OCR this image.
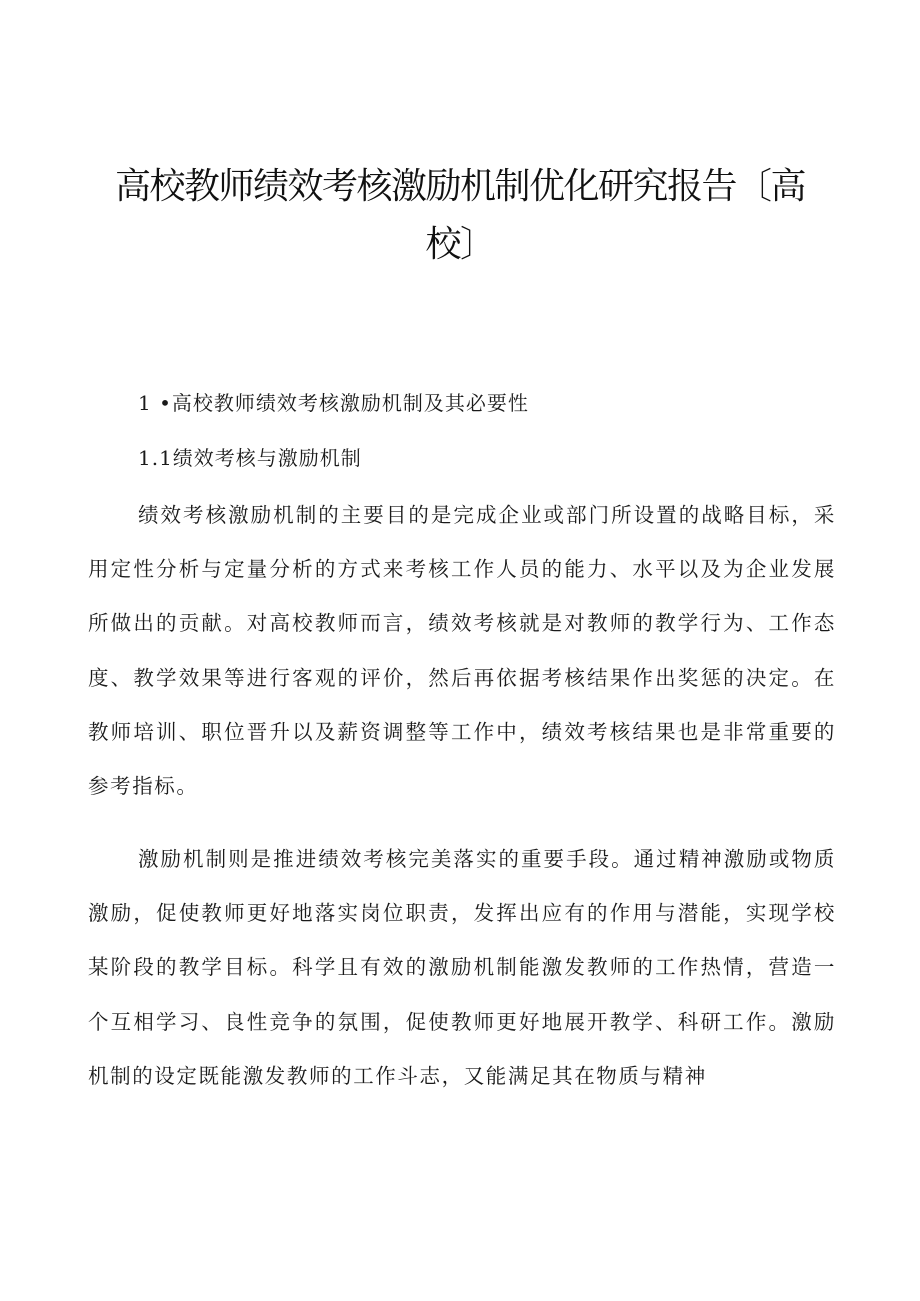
高校教师绩效考核激励机制优化研究报告〔高校〕
1 •高校教师绩效考核激励机制及其必要性
1.1绩效考核与激励机制

绩效考核激励机制的主要目的是完成企业或部门所设置的战略目标，采用定性分析与定量分析的方式来考核工作人员的能力、水平以及为企业发展所做出的贡献。对高校教师而言，绩效考核就是对教师的教学行为、工作态度、教学效果等进行客观的评价，然后再依据考核结果作出奖惩的决定。在教师培训、职位晋升以及薪资调整等工作中，绩效考核结果也是非常重要的参考指标。

激励机制则是推进绩效考核完美落实的重要手段。通过精神激励或物质激励，促使教师更好地落实岗位职责，发挥出应有的作用与潜能，实现学校某阶段的教学目标。科学且有效的激励机制能激发教师的工作热情，营造一个互相学习、良性竞争的氛围，促使教师更好地展开教学、科研工作。激励机制的设定既能激发教师的工作斗志，又能满足其在物质与精神
